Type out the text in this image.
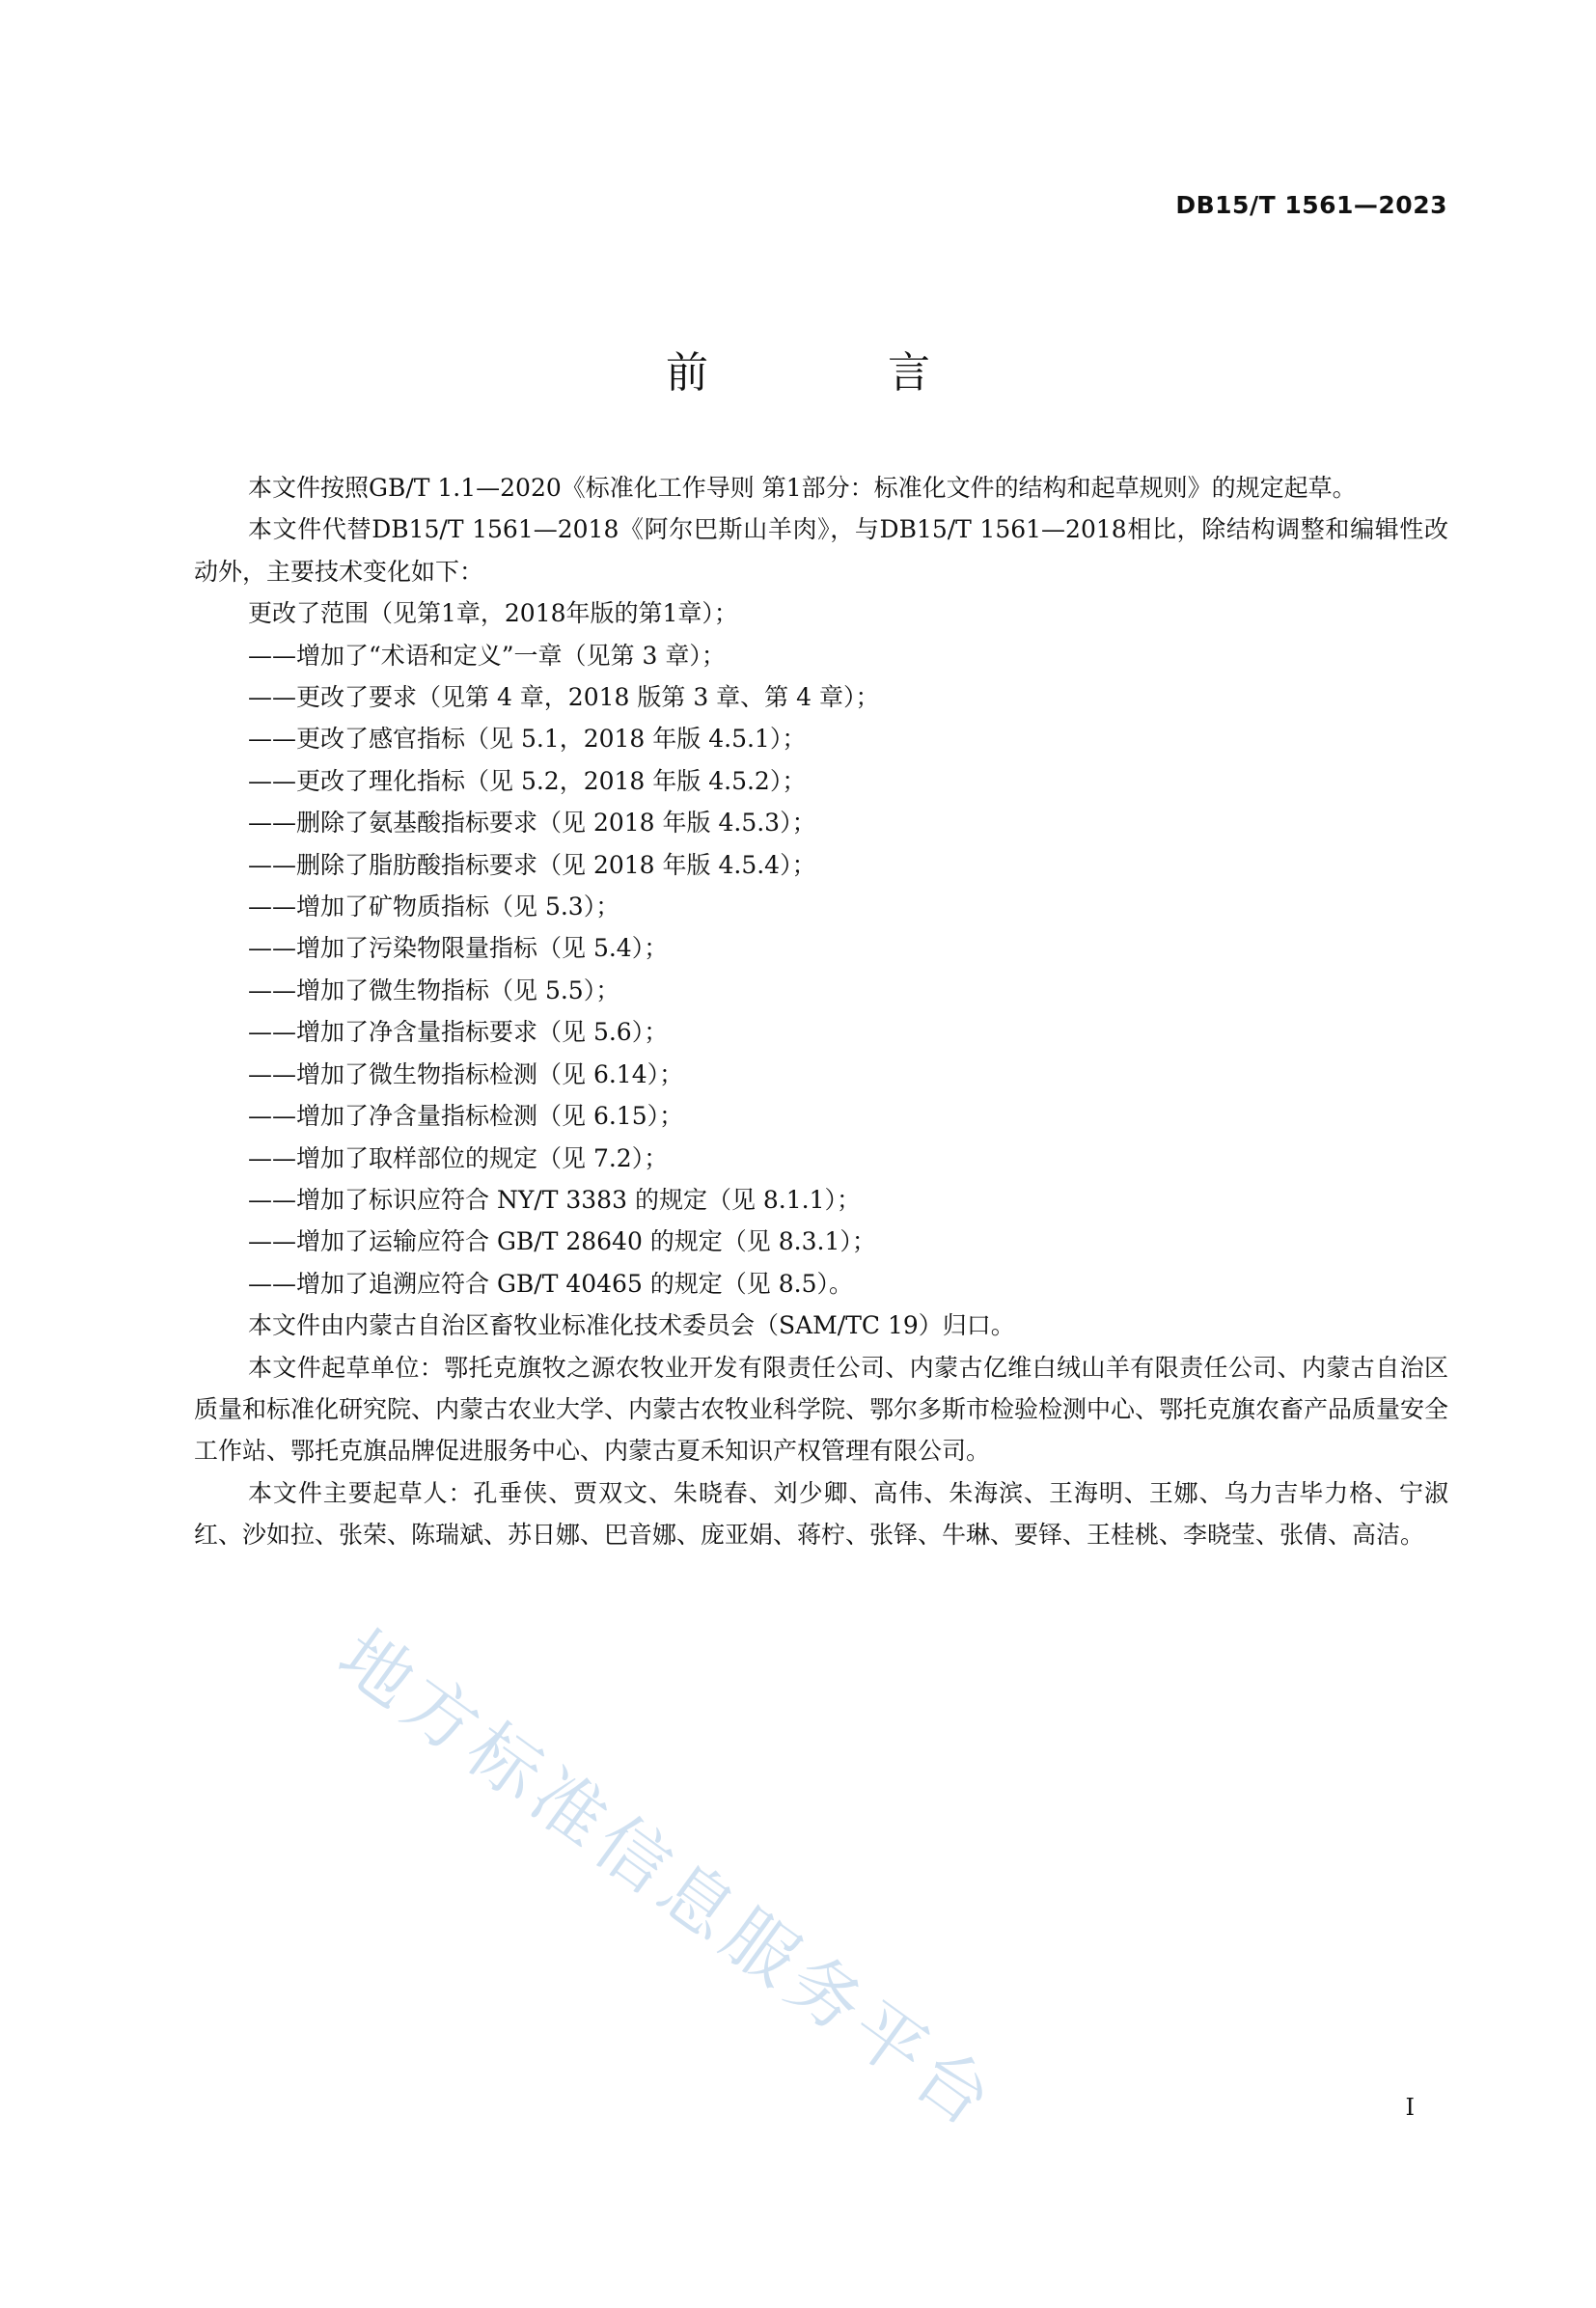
DB15/T 1561—2023
前 言

本文件按照GB/T 1.1—2020《标准化工作导则 第1部分：标准化文件的结构和起草规则》的规定起草。

本文件代替DB15/T 1561—2018《阿尔巴斯山羊肉》，与DB15/T 1561—2018相比，除结构调整和编辑性改动外，主要技术变化如下：

更改了范围（见第1章，2018年版的第1章）；

——增加了“术语和定义”一章（见第 3 章）；

——更改了要求（见第 4 章，2018 版第 3 章、第 4 章）；

——更改了感官指标（见 5.1，2018 年版 4.5.1）；

——更改了理化指标（见 5.2，2018 年版 4.5.2）；

——删除了氨基酸指标要求（见 2018 年版 4.5.3）；

——删除了脂肪酸指标要求（见 2018 年版 4.5.4）；

——增加了矿物质指标（见 5.3）；

——增加了污染物限量指标（见 5.4）；

——增加了微生物指标（见 5.5）；

——增加了净含量指标要求（见 5.6）；

——增加了微生物指标检测（见 6.14）；

——增加了净含量指标检测（见 6.15）；

——增加了取样部位的规定（见 7.2）；

——增加了标识应符合 NY/T 3383 的规定（见 8.1.1）；

——增加了运输应符合 GB/T 28640 的规定（见 8.3.1）；

——增加了追溯应符合 GB/T 40465 的规定（见 8.5）。

本文件由内蒙古自治区畜牧业标准化技术委员会（SAM/TC 19）归口。

本文件起草单位：鄂托克旗牧之源农牧业开发有限责任公司、内蒙古亿维白绒山羊有限责任公司、内蒙古自治区质量和标准化研究院、内蒙古农业大学、内蒙古农牧业科学院、鄂尔多斯市检验检测中心、鄂托克旗农畜产品质量安全工作站、鄂托克旗品牌促进服务中心、内蒙古夏禾知识产权管理有限公司。

本文件主要起草人：孔垂侠、贾双文、朱晓春、刘少卿、高伟、朱海滨、王海明、王娜、乌力吉毕力格、宁淑红、沙如拉、张荣、陈瑞斌、苏日娜、巴音娜、庞亚娟、蒋柠、张铎、牛琳、要铎、王桂桃、李晓莹、张倩、高洁。

地方标准信息服务平台	I
